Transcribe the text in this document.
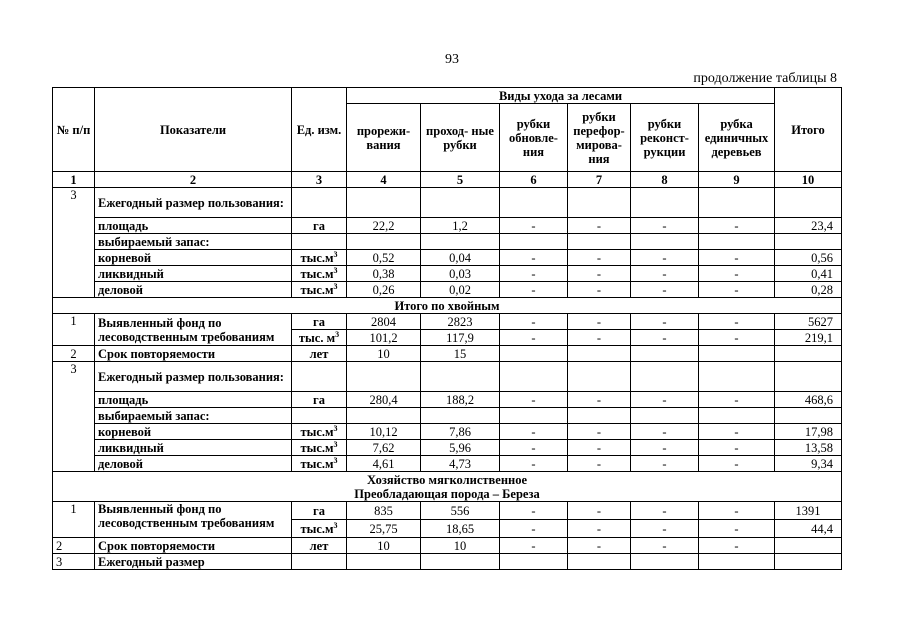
93
продолжение таблицы 8
№ п/п	Показатели	Ед. изм.	Виды ухода за лесами						Итого
			прорежи- вания	проход- ные рубки	рубки обновле- ния	рубки перефор- мирова- ния	рубки реконст- рукции	рубка единичных деревьев	
1	2	3	4	5	6	7	8	9	10
3	Ежегодный размер пользования:								
	площадь	га	22,2	1,2	-	-	-	-	23,4
	выбираемый запас:								
	корневой	$тыс.м^3$	0,52	0,04	-	-	-	-	0,56
	ликвидный	$тыс.м^3$	0,38	0,03	-	-	-	-	0,41
	деловой	$тыс.м^3$	0,26	0,02	-	-	-	-	0,28
Итого по хвойным									
1	Выявленный фонд по лесоводственным требованиям	га	2804	2823	-	-	-	-	5627
		тыс. $м^3$	101,2	117,9	-	-	-	-	219,1
2	Срок повторяемости	лет	10	15					
3	Ежегодный размер пользования:								
	площадь	га	280,4	188,2	-	-	-	-	468,6
	выбираемый запас:								
	корневой	$тыс.м^3$	10,12	7,86	-	-	-	-	17,98
	ликвидный	$тыс.м^3$	7,62	5,96	-	-	-	-	13,58
	деловой	$тыс.м^3$	4,61	4,73	-	-	-	-	9,34
Хозяйство мягколиственное
Преобладающая порода – Береза									
1	Выявленный фонд по лесоводственным требованиям	га	835	556	-	-	-	-	1391
		$тыс.м^3$	25,75	18,65	-	-	-	-	44,4
2	Срок повторяемости	лет	10	10	-	-	-	-	
3	Ежегодный размер								
